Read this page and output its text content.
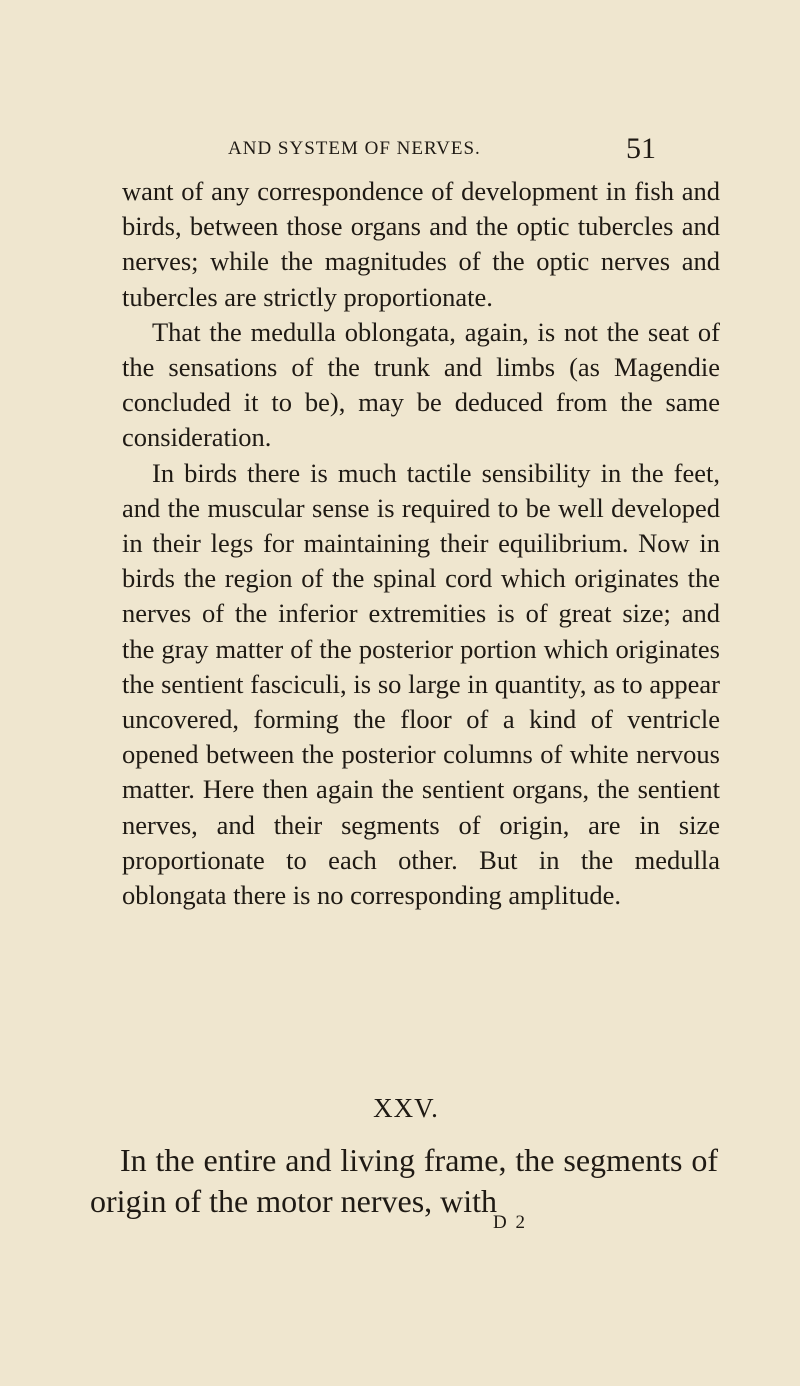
AND SYSTEM OF NERVES.	51

want of any correspondence of development in fish and birds, between those organs and the optic tubercles and nerves; while the magnitudes of the optic nerves and tubercles are strictly proportionate.

That the medulla oblongata, again, is not the seat of the sensations of the trunk and limbs (as Magendie concluded it to be), may be deduced from the same consideration.

In birds there is much tactile sensibility in the feet, and the muscular sense is required to be well developed in their legs for maintaining their equilibrium. Now in birds the region of the spinal cord which originates the nerves of the inferior extremities is of great size; and the gray matter of the posterior portion which originates the sentient fasciculi, is so large in quantity, as to appear uncovered, forming the floor of a kind of ventricle opened between the posterior columns of white nervous matter. Here then again the sentient organs, the sentient nerves, and their segments of origin, are in size proportionate to each other. But in the medulla oblongata there is no corresponding amplitude.

XXV.

In the entire and living frame, the segments of origin of the motor nerves, with

D 2
